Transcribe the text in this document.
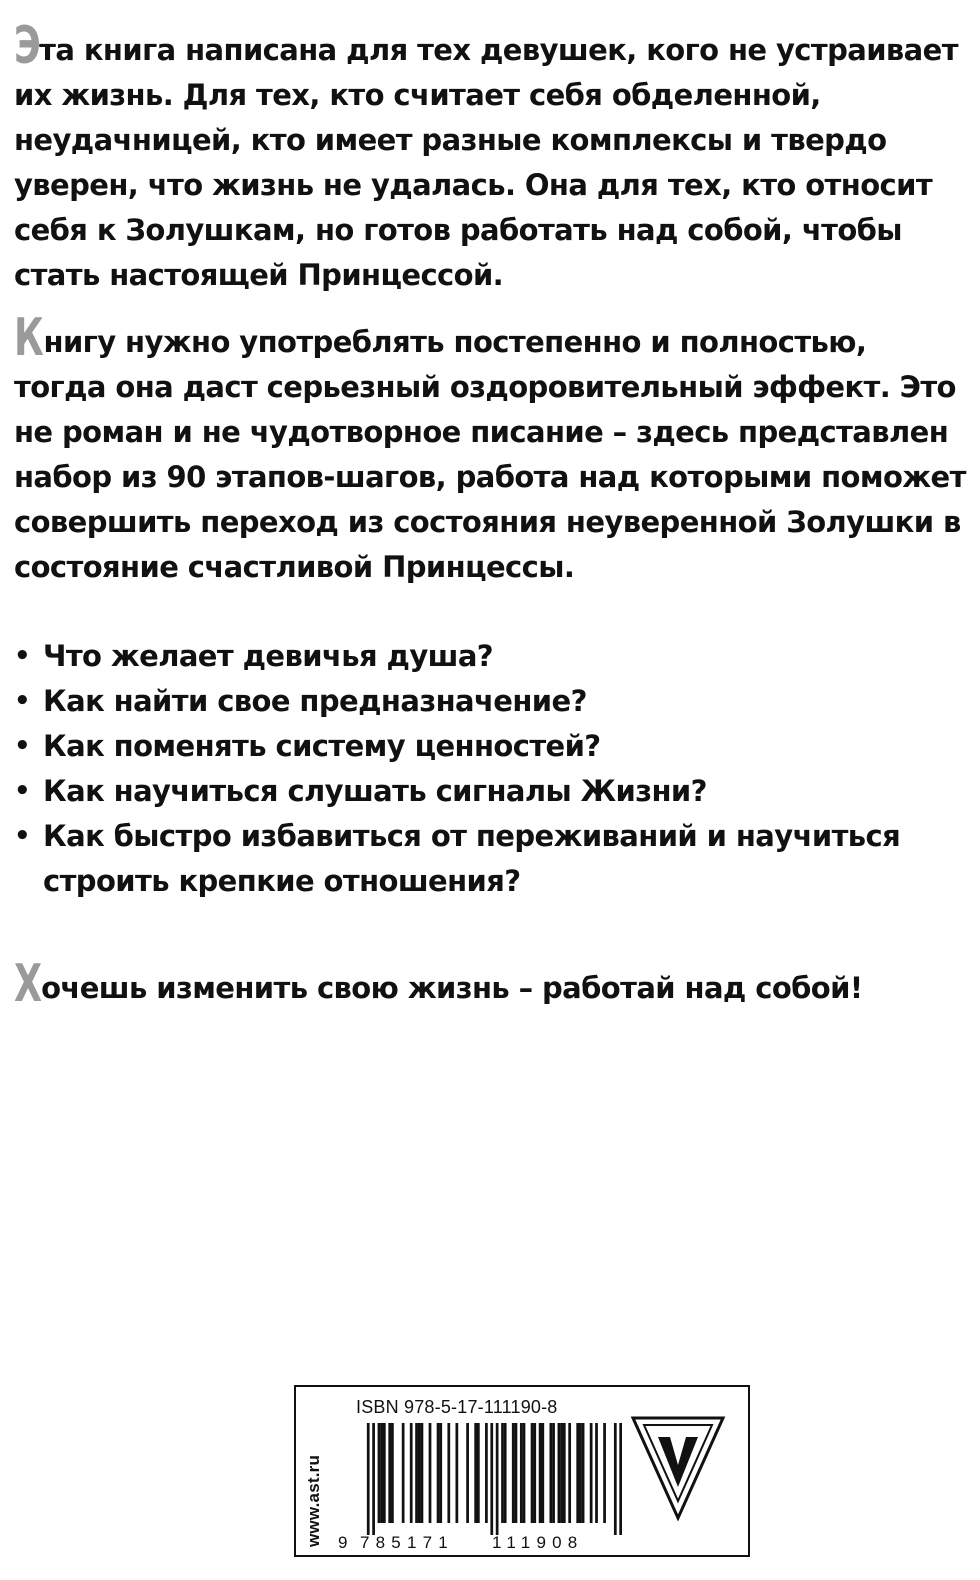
Эта книга написана для тех девушек, кого не устраивает их жизнь. Для тех, кто считает себя обделенной, неудачницей, кто имеет разные комплексы и твердо уверен, что жизнь не удалась. Она для тех, кто относит себя к Золушкам, но готов работать над собой, чтобы стать настоящей Принцессой.
Книгу нужно употреблять постепенно и полностью, тогда она даст серьезный оздоровительный эффект. Это не роман и не чудотворное писание – здесь представлен набор из 90 этапов-шагов, работа над которыми поможет совершить переход из состояния неуверенной Золушки в состояние счастливой Принцессы.
• Что желает девичья душа?
• Как найти свое предназначение?
• Как поменять систему ценностей?
• Как научиться слушать сигналы Жизни?
• Как быстро избавиться от переживаний и научиться строить крепкие отношения?
Хочешь изменить свою жизнь – работай над собой!
www.ast.ru
ISBN 978-5-17-111190-8
9 785171 111908
